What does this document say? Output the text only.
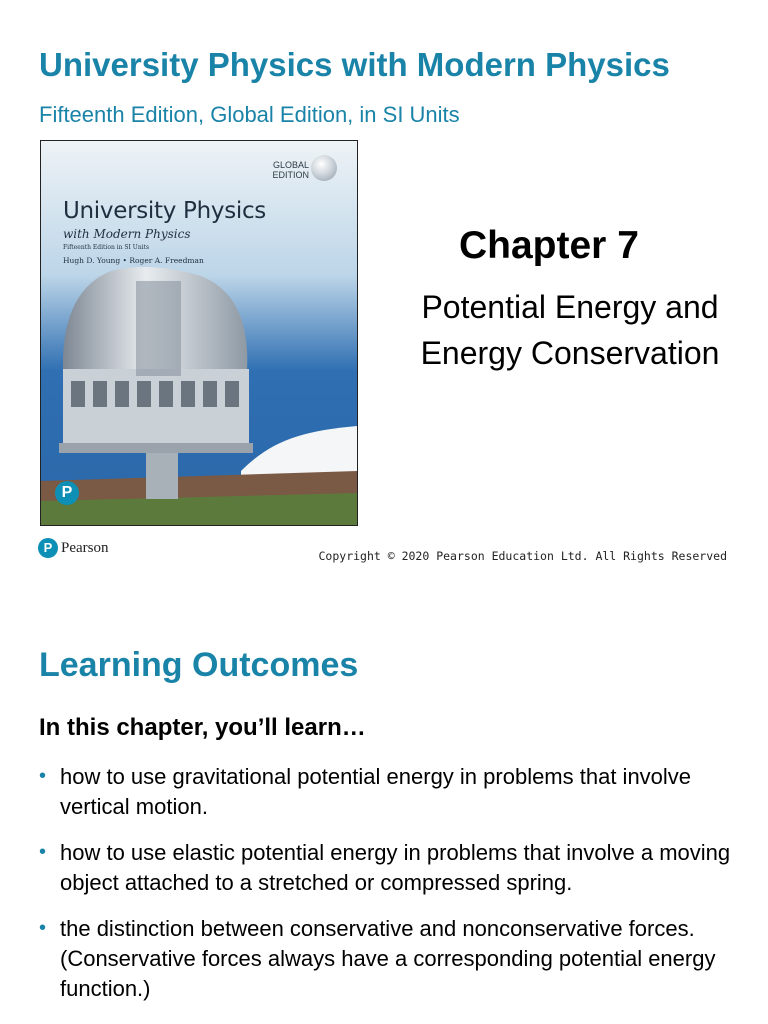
University Physics with Modern Physics
Fifteenth Edition, Global Edition, in SI Units
University Physics
with Modern Physics
Fifteenth Edition in SI Units
Hugh D. Young • Roger A. Freedman
GLOBAL
EDITION
P
Chapter 7
Potential Energy and Energy Conservation
P Pearson
Copyright © 2020 Pearson Education Ltd. All Rights Reserved
Learning Outcomes
In this chapter, you’ll learn…
• how to use gravitational potential energy in problems that involve vertical motion.
• how to use elastic potential energy in problems that involve a moving object attached to a stretched or compressed spring.
• the distinction between conservative and nonconservative forces. (Conservative forces always have a corresponding potential energy function.)
